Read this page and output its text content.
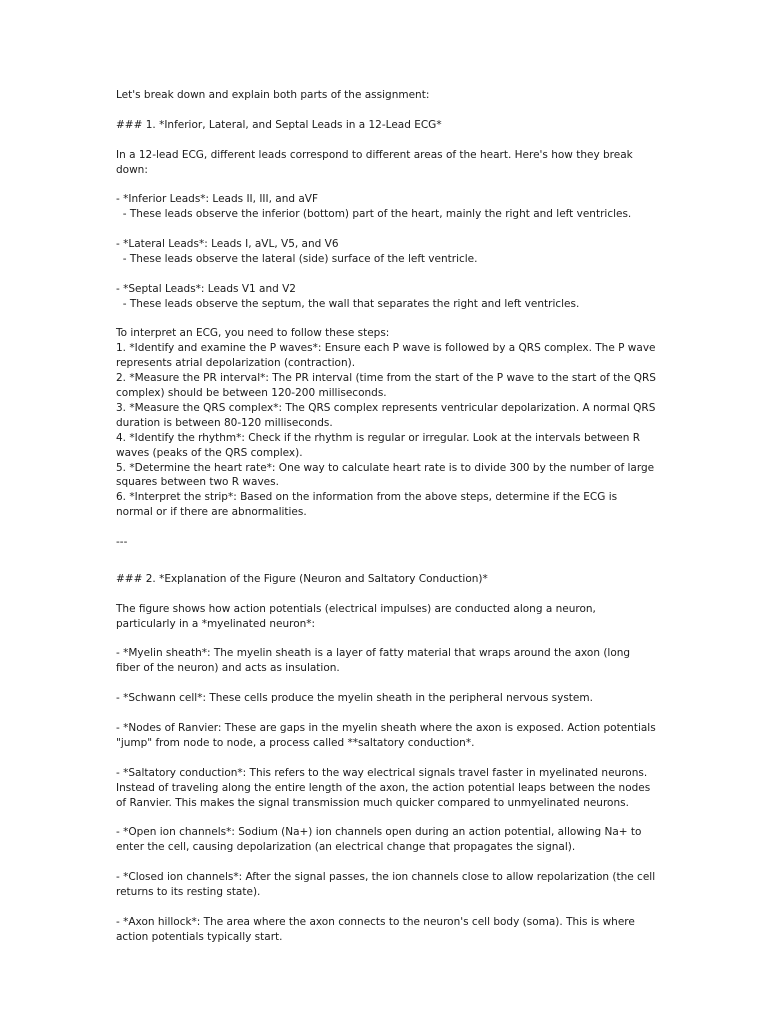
Let's break down and explain both parts of the assignment:

### 1. *Inferior, Lateral, and Septal Leads in a 12-Lead ECG*

In a 12-lead ECG, different leads correspond to different areas of the heart. Here's how they break down:

- *Inferior Leads*: Leads II, III, and aVF
- These leads observe the inferior (bottom) part of the heart, mainly the right and left ventricles.

- *Lateral Leads*: Leads I, aVL, V5, and V6
- These leads observe the lateral (side) surface of the left ventricle.

- *Septal Leads*: Leads V1 and V2
- These leads observe the septum, the wall that separates the right and left ventricles.

To interpret an ECG, you need to follow these steps:
1. *Identify and examine the P waves*: Ensure each P wave is followed by a QRS complex. The P wave represents atrial depolarization (contraction).
2. *Measure the PR interval*: The PR interval (time from the start of the P wave to the start of the QRS complex) should be between 120-200 milliseconds.
3. *Measure the QRS complex*: The QRS complex represents ventricular depolarization. A normal QRS duration is between 80-120 milliseconds.
4. *Identify the rhythm*: Check if the rhythm is regular or irregular. Look at the intervals between R waves (peaks of the QRS complex).
5. *Determine the heart rate*: One way to calculate heart rate is to divide 300 by the number of large squares between two R waves.
6. *Interpret the strip*: Based on the information from the above steps, determine if the ECG is normal or if there are abnormalities.

---

### 2. *Explanation of the Figure (Neuron and Saltatory Conduction)*

The figure shows how action potentials (electrical impulses) are conducted along a neuron, particularly in a *myelinated neuron*:

- *Myelin sheath*: The myelin sheath is a layer of fatty material that wraps around the axon (long fiber of the neuron) and acts as insulation.

- *Schwann cell*: These cells produce the myelin sheath in the peripheral nervous system.

- *Nodes of Ranvier: These are gaps in the myelin sheath where the axon is exposed. Action potentials "jump" from node to node, a process called **saltatory conduction*.

- *Saltatory conduction*: This refers to the way electrical signals travel faster in myelinated neurons. Instead of traveling along the entire length of the axon, the action potential leaps between the nodes of Ranvier. This makes the signal transmission much quicker compared to unmyelinated neurons.

- *Open ion channels*: Sodium (Na+) ion channels open during an action potential, allowing Na+ to enter the cell, causing depolarization (an electrical change that propagates the signal).

- *Closed ion channels*: After the signal passes, the ion channels close to allow repolarization (the cell returns to its resting state).

- *Axon hillock*: The area where the axon connects to the neuron's cell body (soma). This is where action potentials typically start.
